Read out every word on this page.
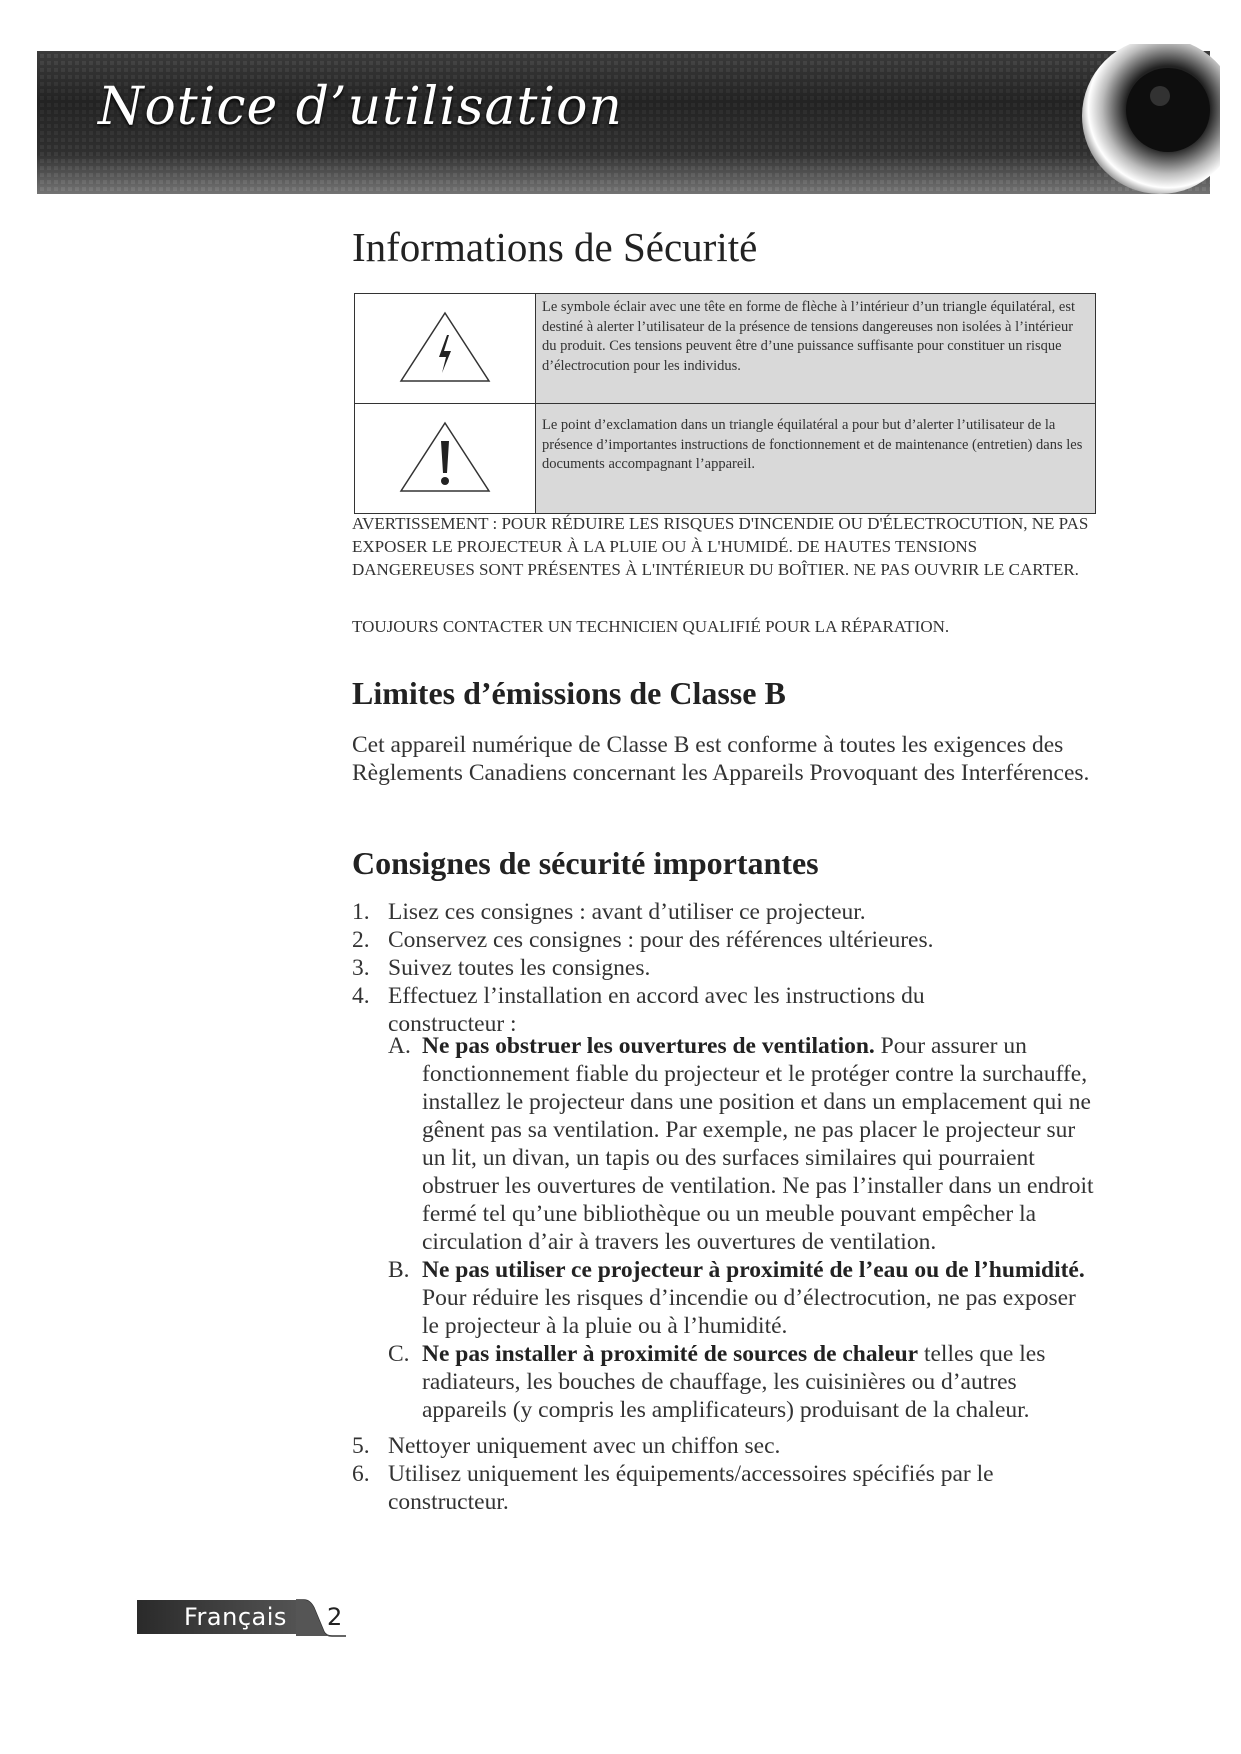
Notice d’utilisation
Informations de Sécurité
	Le symbole éclair avec une tête en forme de flèche à l’intérieur d’un triangle équilatéral, est destiné à alerter l’utilisateur de la présence de tensions dangereuses non isolées à l’intérieur du produit. Ces tensions peuvent être d’une puissance suffisante pour constituer un risque d’électrocution pour les individus.
	Le point d’exclamation dans un triangle équilatéral a pour but d’alerter l’utilisateur de la présence d’importantes instructions de fonctionnement et de maintenance (entretien) dans les documents accompagnant l’appareil.

AVERTISSEMENT : POUR RÉDUIRE LES RISQUES D'INCENDIE OU D'ÉLECTROCUTION, NE PAS EXPOSER LE PROJECTEUR À LA PLUIE OU À L'HUMIDÉ. DE HAUTES TENSIONS DANGEREUSES SONT PRÉSENTES À L'INTÉRIEUR DU BOÎTIER. NE PAS OUVRIR LE CARTER.

TOUJOURS CONTACTER UN TECHNICIEN QUALIFIÉ POUR LA RÉPARATION.

Limites d’émissions de Classe B

Cet appareil numérique de Classe B est conforme à toutes les exigences des Règlements Canadiens concernant les Appareils Provoquant des Interférences.

Consignes de sécurité importantes
1. Lisez ces consignes : avant d’utiliser ce projecteur.
2. Conservez ces consignes : pour des références ultérieures.
3. Suivez toutes les consignes.
4. Effectuez l’installation en accord avec les instructions du constructeur :
A. Ne pas obstruer les ouvertures de ventilation. Pour assurer un fonctionnement fiable du projecteur et le protéger contre la surchauffe, installez le projecteur dans une position et dans un emplacement qui ne gênent pas sa ventilation. Par exemple, ne pas placer le projecteur sur un lit, un divan, un tapis ou des surfaces similaires qui pourraient obstruer les ouvertures de ventilation. Ne pas l’installer dans un endroit fermé tel qu’une bibliothèque ou un meuble pouvant empêcher la circulation d’air à travers les ouvertures de ventilation.
B. Ne pas utiliser ce projecteur à proximité de l’eau ou de l’humidité. Pour réduire les risques d’incendie ou d’électrocution, ne pas exposer le projecteur à la pluie ou à l’humidité.
C. Ne pas installer à proximité de sources de chaleur telles que les radiateurs, les bouches de chauffage, les cuisinières ou d’autres appareils (y compris les amplificateurs) produisant de la chaleur.
5. Nettoyer uniquement avec un chiffon sec.
6. Utilisez uniquement les équipements/accessoires spécifiés par le constructeur.
Français 2
